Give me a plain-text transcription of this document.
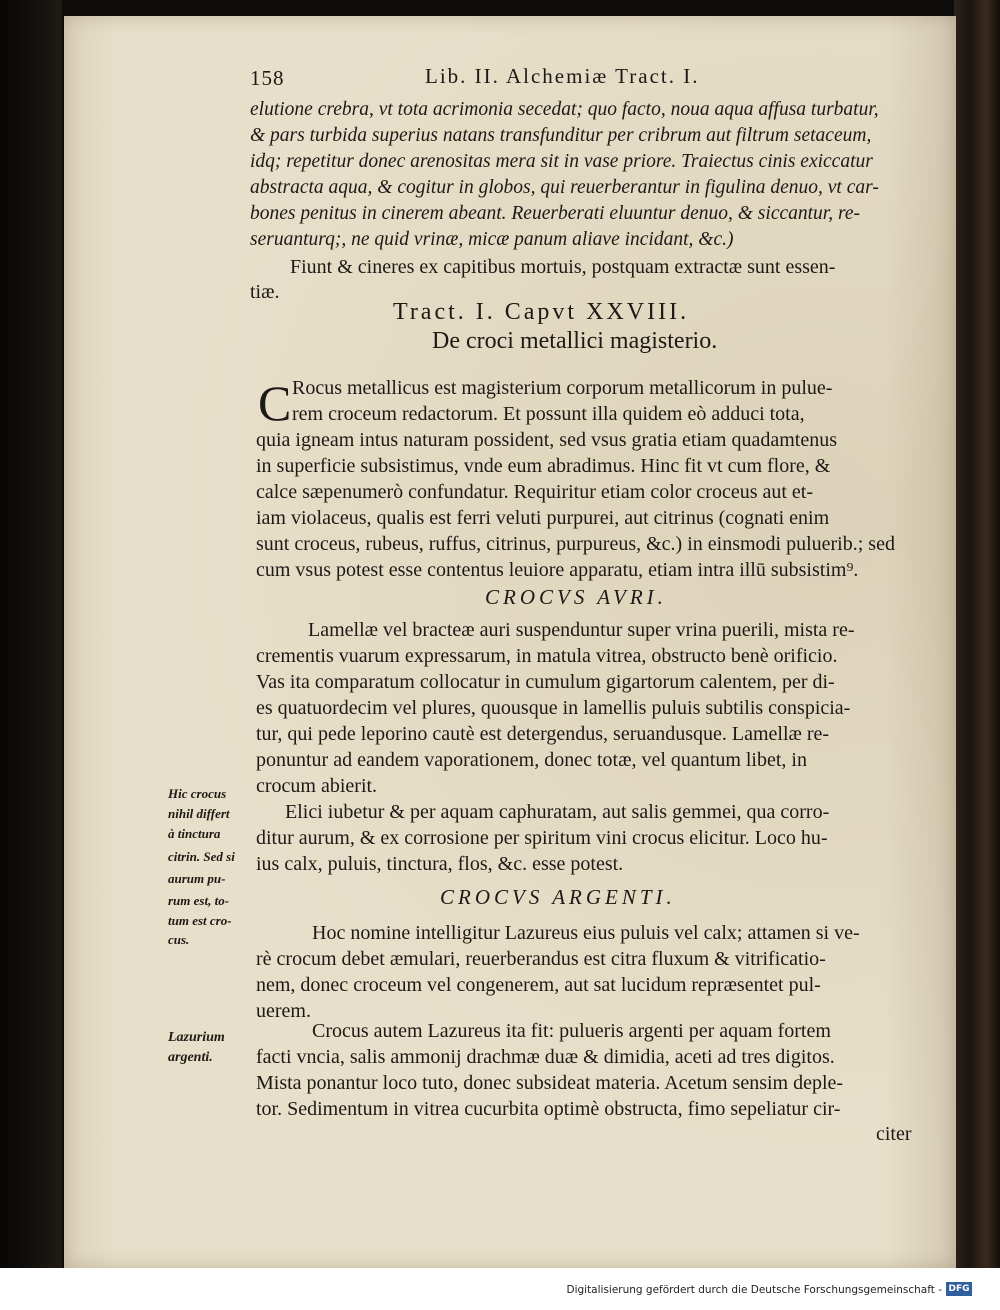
158	Lib. II. Alchemiæ Tract. I.
elutione crebra, vt tota acrimonia secedat; quo facto, noua aqua affusa turbatur,
& pars turbida superius natans transfunditur per cribrum aut filtrum setaceum,
idq; repetitur donec arenositas mera sit in vase priore. Traiectus cinis exiccatur
abstracta aqua, & cogitur in globos, qui reuerberantur in figulina denuo, vt car-
bones penitus in cinerem abeant. Reuerberati eluuntur denuo, & siccantur, re-
seruanturq;, ne quid vrinæ, micæ panum aliave incidant, &c.)
Fiunt & cineres ex capitibus mortuis, postquam extractæ sunt essen-
tiæ.
Tract. I. Capvt XXVIII.
De croci metallici magisterio.
C Rocus metallicus est magisterium corporum metallicorum in pulue-
rem croceum redactorum. Et possunt illa quidem eò adduci tota,
quia igneam intus naturam possident, sed vsus gratia etiam quadamtenus
in superficie subsistimus, vnde eum abradimus. Hinc fit vt cum flore, &
calce sæpenumerò confundatur. Requiritur etiam color croceus aut et-
iam violaceus, qualis est ferri veluti purpurei, aut citrinus (cognati enim
sunt croceus, rubeus, ruffus, citrinus, purpureus, &c.) in einsmodi puluerib.; sed
cum vsus potest esse contentus leuiore apparatu, etiam intra illū subsistim⁹.
CROCVS AVRI.
Lamellæ vel bracteæ auri suspenduntur super vrina puerili, mista re-
crementis vuarum expressarum, in matula vitrea, obstructo benè orificio.
Vas ita comparatum collocatur in cumulum gigartorum calentem, per di-
es quatuordecim vel plures, quousque in lamellis puluis subtilis conspicia-
tur, qui pede leporino cautè est detergendus, seruandusque. Lamellæ re-
ponuntur ad eandem vaporationem, donec totæ, vel quantum libet, in
crocum abierit.
Elici iubetur & per aquam caphuratam, aut salis gemmei, qua corro-
ditur aurum, & ex corrosione per spiritum vini crocus elicitur. Loco hu-
ius calx, puluis, tinctura, flos, &c. esse potest.
Hic crocus
nihil differt
à tinctura
citrin. Sed si
aurum pu-
rum est, to-
tum est cro-
cus.
CROCVS ARGENTI.
Hoc nomine intelligitur Lazureus eius puluis vel calx; attamen si ve-
rè crocum debet æmulari, reuerberandus est citra fluxum & vitrificatio-
nem, donec croceum vel congenerem, aut sat lucidum repræsentet pul-
uerem.
Crocus autem Lazureus ita fit: pulueris argenti per aquam fortem
facti vncia, salis ammonij drachmæ duæ & dimidia, aceti ad tres digitos.
Mista ponantur loco tuto, donec subsideat materia. Acetum sensim deple-
tor. Sedimentum in vitrea cucurbita optimè obstructa, fimo sepeliatur cir-
citer
Lazurium
argenti.
Digitalisierung gefördert durch die Deutsche Forschungsgemeinschaft - DFG
